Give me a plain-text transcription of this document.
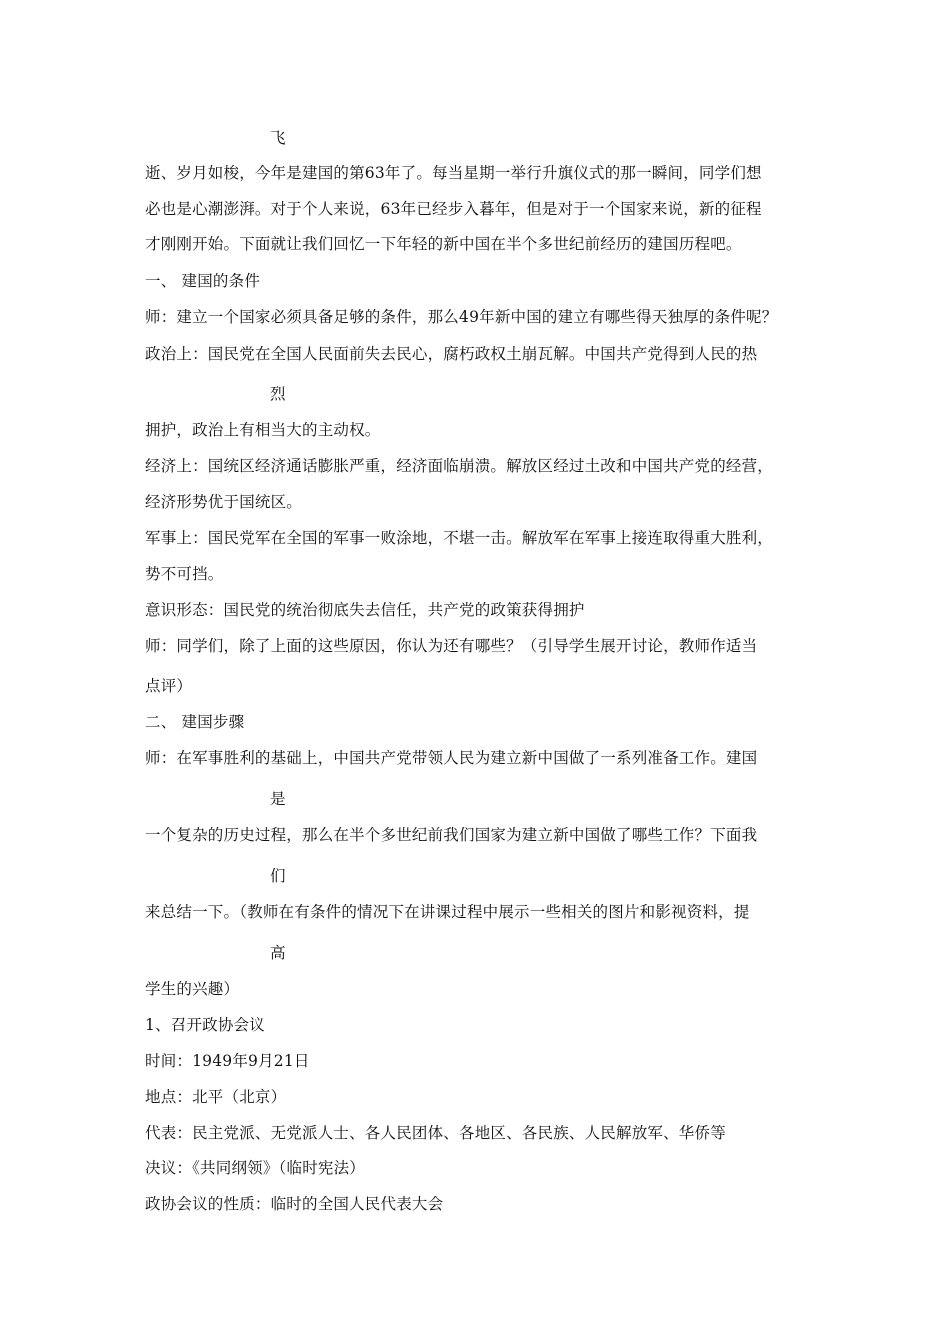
飞
逝、岁月如梭，今年是建国的第63年了。每当星期一举行升旗仪式的那一瞬间，同学们想
必也是心潮澎湃。对于个人来说，63年已经步入暮年，但是对于一个国家来说，新的征程
才刚刚开始。下面就让我们回忆一下年轻的新中国在半个多世纪前经历的建国历程吧。
一、 建国的条件
师：建立一个国家必须具备足够的条件，那么49年新中国的建立有哪些得天独厚的条件呢？
政治上：国民党在全国人民面前失去民心，腐朽政权土崩瓦解。中国共产党得到人民的热
烈
拥护，政治上有相当大的主动权。
经济上：国统区经济通话膨胀严重，经济面临崩溃。解放区经过土改和中国共产党的经营，
经济形势优于国统区。
军事上：国民党军在全国的军事一败涂地，不堪一击。解放军在军事上接连取得重大胜利，
势不可挡。
意识形态：国民党的统治彻底失去信任，共产党的政策获得拥护
师：同学们，除了上面的这些原因，你认为还有哪些？（引导学生展开讨论，教师作适当
点评）
二、 建国步骤
师：在军事胜利的基础上，中国共产党带领人民为建立新中国做了一系列准备工作。建国
是
一个复杂的历史过程，那么在半个多世纪前我们国家为建立新中国做了哪些工作？下面我
们
来总结一下。（教师在有条件的情况下在讲课过程中展示一些相关的图片和影视资料，提
高
学生的兴趣）
1、召开政协会议
时间：1949年9月21日
地点：北平（北京）
代表：民主党派、无党派人士、各人民团体、各地区、各民族、人民解放军、华侨等
决议：《共同纲领》（临时宪法）
政协会议的性质：临时的全国人民代表大会
